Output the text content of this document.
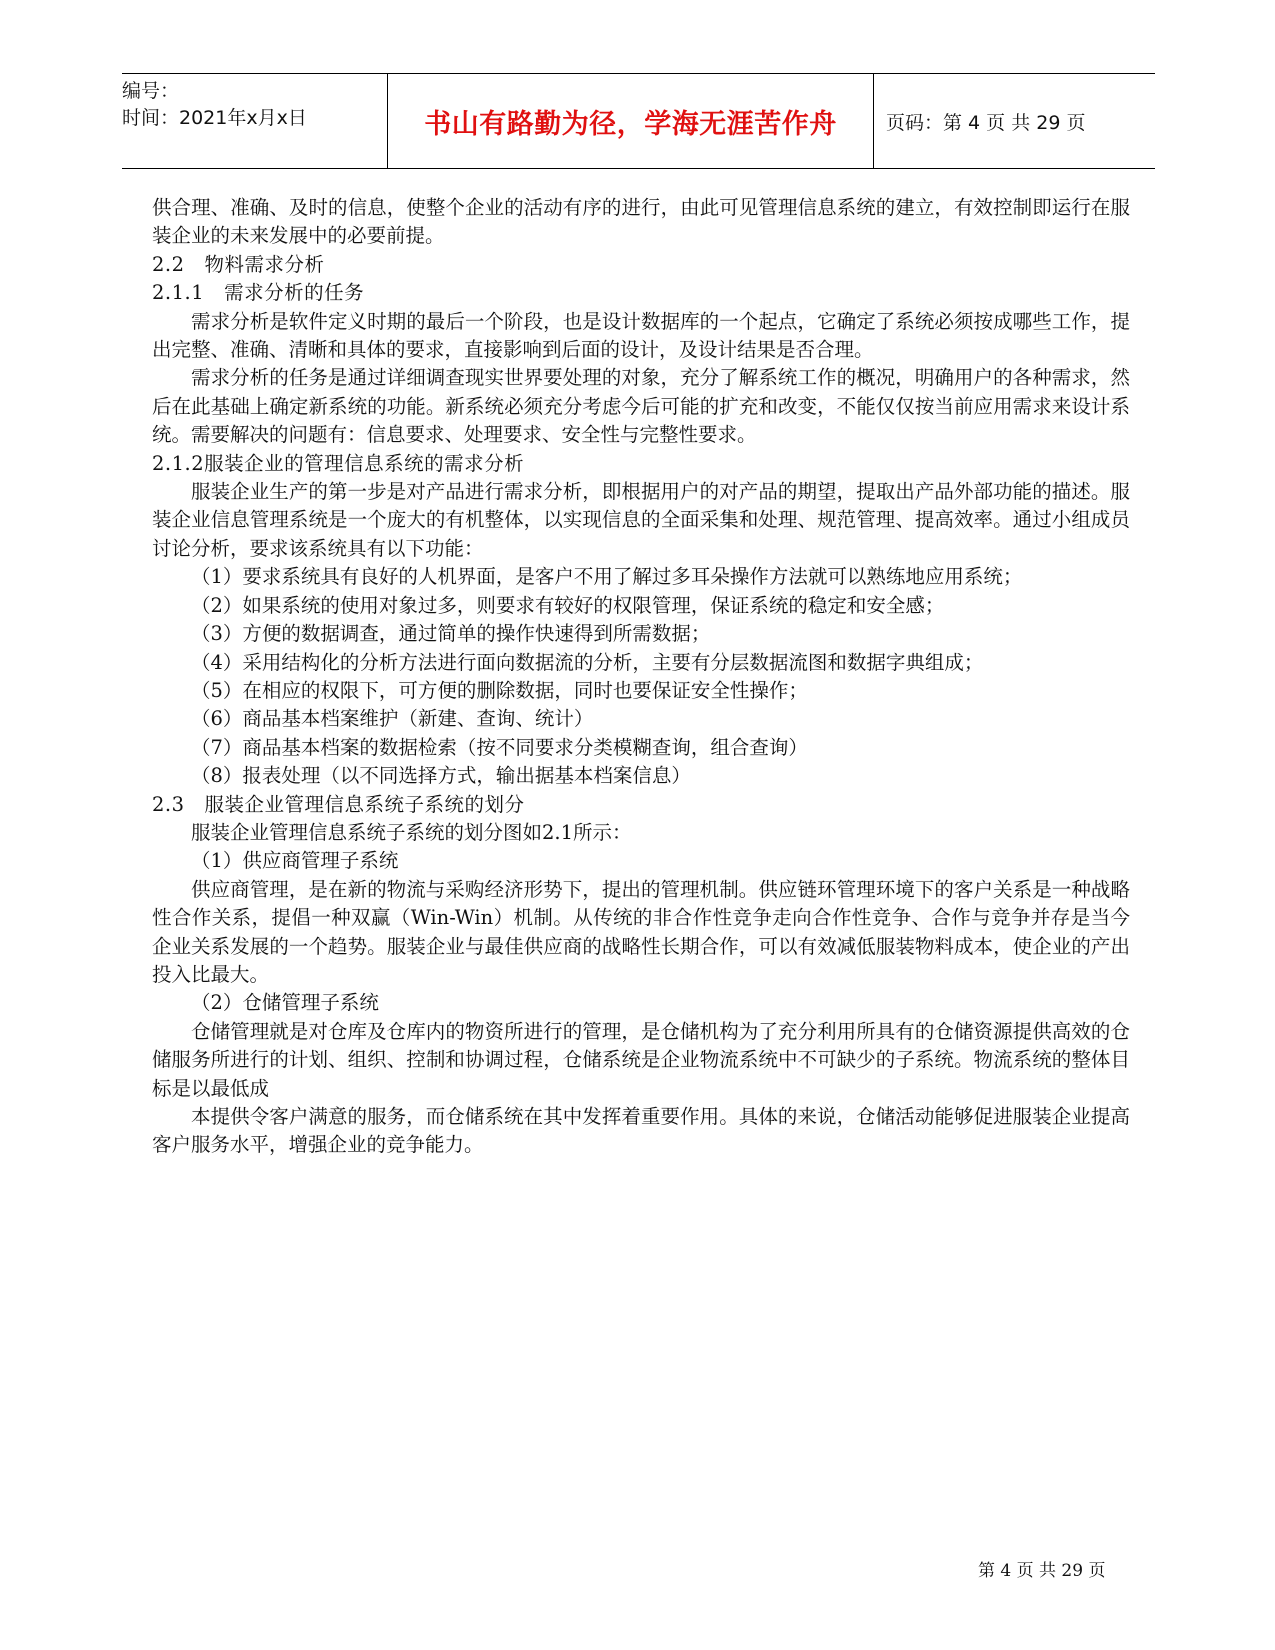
编号：
时间：2021年x月x日	书山有路勤为径，学海无涯苦作舟	页码：第 4 页 共 29 页

供合理、准确、及时的信息，使整个企业的活动有序的进行，由此可见管理信息系统的建立，有效控制即运行在服装企业的未来发展中的必要前提。

2.2　物料需求分析

2.1.1　需求分析的任务

需求分析是软件定义时期的最后一个阶段，也是设计数据库的一个起点，它确定了系统必须按成哪些工作，提出完整、准确、清晰和具体的要求，直接影响到后面的设计，及设计结果是否合理。

需求分析的任务是通过详细调查现实世界要处理的对象，充分了解系统工作的概况，明确用户的各种需求，然后在此基础上确定新系统的功能。新系统必须充分考虑今后可能的扩充和改变，不能仅仅按当前应用需求来设计系统。需要解决的问题有：信息要求、处理要求、安全性与完整性要求。

2.1.2服装企业的管理信息系统的需求分析

服装企业生产的第一步是对产品进行需求分析，即根据用户的对产品的期望，提取出产品外部功能的描述。服装企业信息管理系统是一个庞大的有机整体，以实现信息的全面采集和处理、规范管理、提高效率。通过小组成员讨论分析，要求该系统具有以下功能：

（1）要求系统具有良好的人机界面，是客户不用了解过多耳朵操作方法就可以熟练地应用系统；

（2）如果系统的使用对象过多，则要求有较好的权限管理，保证系统的稳定和安全感；

（3）方便的数据调查，通过简单的操作快速得到所需数据；

（4）采用结构化的分析方法进行面向数据流的分析，主要有分层数据流图和数据字典组成；

（5）在相应的权限下，可方便的删除数据，同时也要保证安全性操作；

（6）商品基本档案维护（新建、查询、统计）

（7）商品基本档案的数据检索（按不同要求分类模糊查询，组合查询）

（8）报表处理（以不同选择方式，输出据基本档案信息）

2.3　服装企业管理信息系统子系统的划分

服装企业管理信息系统子系统的划分图如2.1所示：

（1）供应商管理子系统

供应商管理，是在新的物流与采购经济形势下，提出的管理机制。供应链环管理环境下的客户关系是一种战略性合作关系，提倡一种双赢（Win-Win）机制。从传统的非合作性竞争走向合作性竞争、合作与竞争并存是当今企业关系发展的一个趋势。服装企业与最佳供应商的战略性长期合作，可以有效减低服装物料成本，使企业的产出投入比最大。

（2）仓储管理子系统

仓储管理就是对仓库及仓库内的物资所进行的管理，是仓储机构为了充分利用所具有的仓储资源提供高效的仓储服务所进行的计划、组织、控制和协调过程，仓储系统是企业物流系统中不可缺少的子系统。物流系统的整体目标是以最低成

本提供令客户满意的服务，而仓储系统在其中发挥着重要作用。具体的来说，仓储活动能够促进服装企业提高客户服务水平，增强企业的竞争能力。

第 4 页 共 29 页
